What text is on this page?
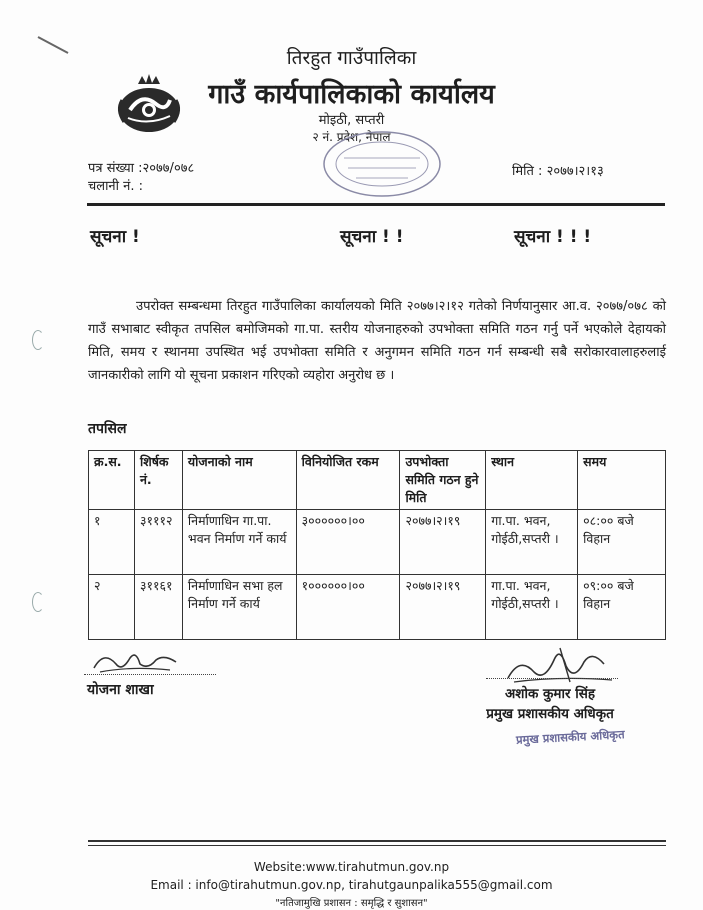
तिरहुत गाउँपालिका
गाउँ कार्यपालिकाको कार्यालय
मोइठी, सप्तरी
२ नं. प्रदेश, नेपाल
पत्र संख्या :२०७७/०७८
चलानी नं. :
मिति : २०७७।२।१३
सूचना !	सूचना ! !	सूचना ! ! !
उपरोक्त सम्बन्धमा तिरहुत गाउँपालिका कार्यालयको मिति २०७७।२।१२ गतेको निर्णयानुसार आ.व. २०७७/०७८ को गाउँ सभाबाट स्वीकृत तपसिल बमोजिमको गा.पा. स्तरीय योजनाहरुको उपभोक्ता समिति गठन गर्नु पर्ने भएकोले देहायको मिति, समय र स्थानमा उपस्थित भई उपभोक्ता समिति र अनुगमन समिति गठन गर्न सम्बन्धी सबै सरोकारवालाहरुलाई जानकारीको लागि यो सूचना प्रकाशन गरिएको व्यहोरा अनुरोध छ ।
तपसिल
क्र.स.	शिर्षक नं.	योजनाको नाम	विनियोजित रकम	उपभोक्ता समिति गठन हुने मिति	स्थान	समय
१	३१११२	निर्माणाधिन गा.पा. भवन निर्माण गर्ने कार्य	३००००००।००	२०७७।२।१९	गा.पा. भवन, गोईठी,सप्तरी ।	०८:०० बजे विहान
२	३११६१	निर्माणाधिन सभा हल निर्माण गर्ने कार्य	१००००००।००	२०७७।२।१९	गा.पा. भवन, गोईठी,सप्तरी ।	०९:०० बजे विहान
योजना शाखा	अशोक कुमार सिंह
प्रमुख प्रशासकीय अधिकृत
प्रमुख प्रशासकीय अधिकृत
Website:www.tirahutmun.gov.np
Email : info@tirahutmun.gov.np, tirahutgaunpalika555@gmail.com
"नतिजामुखि प्रशासन : समृद्धि र सुशासन"
